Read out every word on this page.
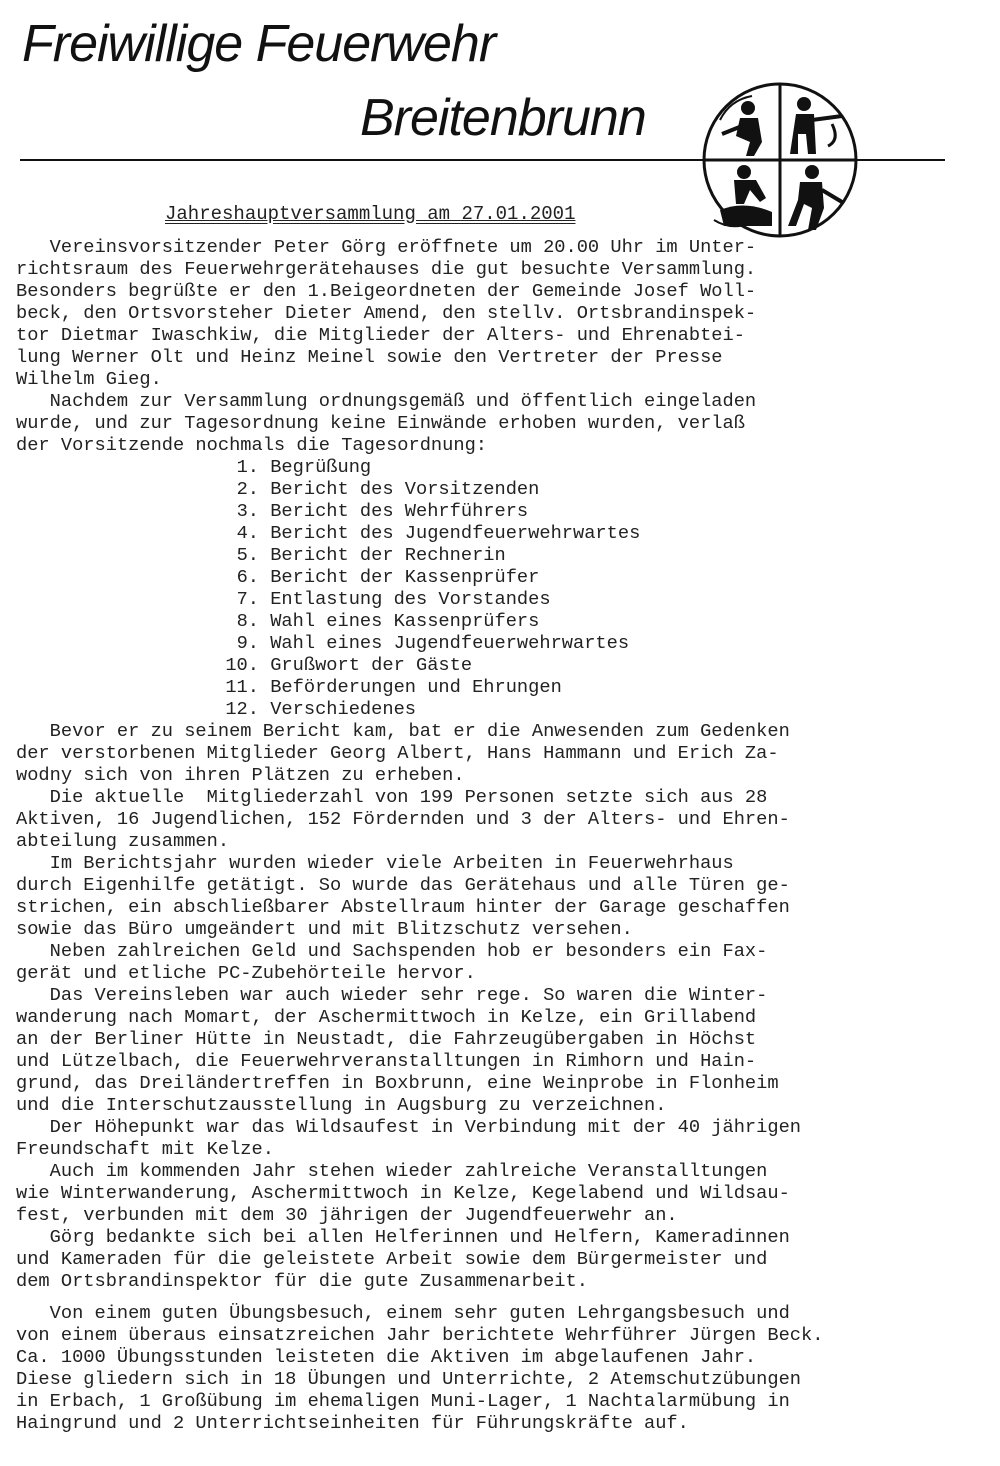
Freiwillige Feuerwehr
Breitenbrunn
Jahreshauptversammlung am 27.01.2001
Vereinsvorsitzender Peter Görg eröffnete um 20.00 Uhr im Unter-
richtsraum des Feuerwehrgerätehauses die gut besuchte Versammlung.
Besonders begrüßte er den 1.Beigeordneten der Gemeinde Josef Woll-
beck, den Ortsvorsteher Dieter Amend, den stellv. Ortsbrandinspek-
tor Dietmar Iwaschkiw, die Mitglieder der Alters- und Ehrenabtei-
lung Werner Olt und Heinz Meinel sowie den Vertreter der Presse
Wilhelm Gieg.
Nachdem zur Versammlung ordnungsgemäß und öffentlich eingeladen
wurde, und zur Tagesordnung keine Einwände erhoben wurden, verlaß
der Vorsitzende nochmals die Tagesordnung:
1. Begrüßung
2. Bericht des Vorsitzenden
3. Bericht des Wehrführers
4. Bericht des Jugendfeuerwehrwartes
5. Bericht der Rechnerin
6. Bericht der Kassenprüfer
7. Entlastung des Vorstandes
8. Wahl eines Kassenprüfers
9. Wahl eines Jugendfeuerwehrwartes
10. Grußwort der Gäste
11. Beförderungen und Ehrungen
12. Verschiedenes
Bevor er zu seinem Bericht kam, bat er die Anwesenden zum Gedenken
der verstorbenen Mitglieder Georg Albert, Hans Hammann und Erich Za-
wodny sich von ihren Plätzen zu erheben.
Die aktuelle  Mitgliederzahl von 199 Personen setzte sich aus 28
Aktiven, 16 Jugendlichen, 152 Fördernden und 3 der Alters- und Ehren-
abteilung zusammen.
Im Berichtsjahr wurden wieder viele Arbeiten in Feuerwehrhaus
durch Eigenhilfe getätigt. So wurde das Gerätehaus und alle Türen ge-
strichen, ein abschließbarer Abstellraum hinter der Garage geschaffen
sowie das Büro umgeändert und mit Blitzschutz versehen.
Neben zahlreichen Geld und Sachspenden hob er besonders ein Fax-
gerät und etliche PC-Zubehörteile hervor.
Das Vereinsleben war auch wieder sehr rege. So waren die Winter-
wanderung nach Momart, der Aschermittwoch in Kelze, ein Grillabend
an der Berliner Hütte in Neustadt, die Fahrzeugübergaben in Höchst
und Lützelbach, die Feuerwehrveranstalltungen in Rimhorn und Hain-
grund, das Dreiländertreffen in Boxbrunn, eine Weinprobe in Flonheim
und die Interschutzausstellung in Augsburg zu verzeichnen.
Der Höhepunkt war das Wildsaufest in Verbindung mit der 40 jährigen
Freundschaft mit Kelze.
Auch im kommenden Jahr stehen wieder zahlreiche Veranstalltungen
wie Winterwanderung, Aschermittwoch in Kelze, Kegelabend und Wildsau-
fest, verbunden mit dem 30 jährigen der Jugendfeuerwehr an.
Görg bedankte sich bei allen Helferinnen und Helfern, Kameradinnen
und Kameraden für die geleistete Arbeit sowie dem Bürgermeister und
dem Ortsbrandinspektor für die gute Zusammenarbeit.
Von einem guten Übungsbesuch, einem sehr guten Lehrgangsbesuch und
von einem überaus einsatzreichen Jahr berichtete Wehrführer Jürgen Beck.
Ca. 1000 Übungsstunden leisteten die Aktiven im abgelaufenen Jahr.
Diese gliedern sich in 18 Übungen und Unterrichte, 2 Atemschutzübungen
in Erbach, 1 Großübung im ehemaligen Muni-Lager, 1 Nachtalarmübung in
Haingrund und 2 Unterrichtseinheiten für Führungskräfte auf.
